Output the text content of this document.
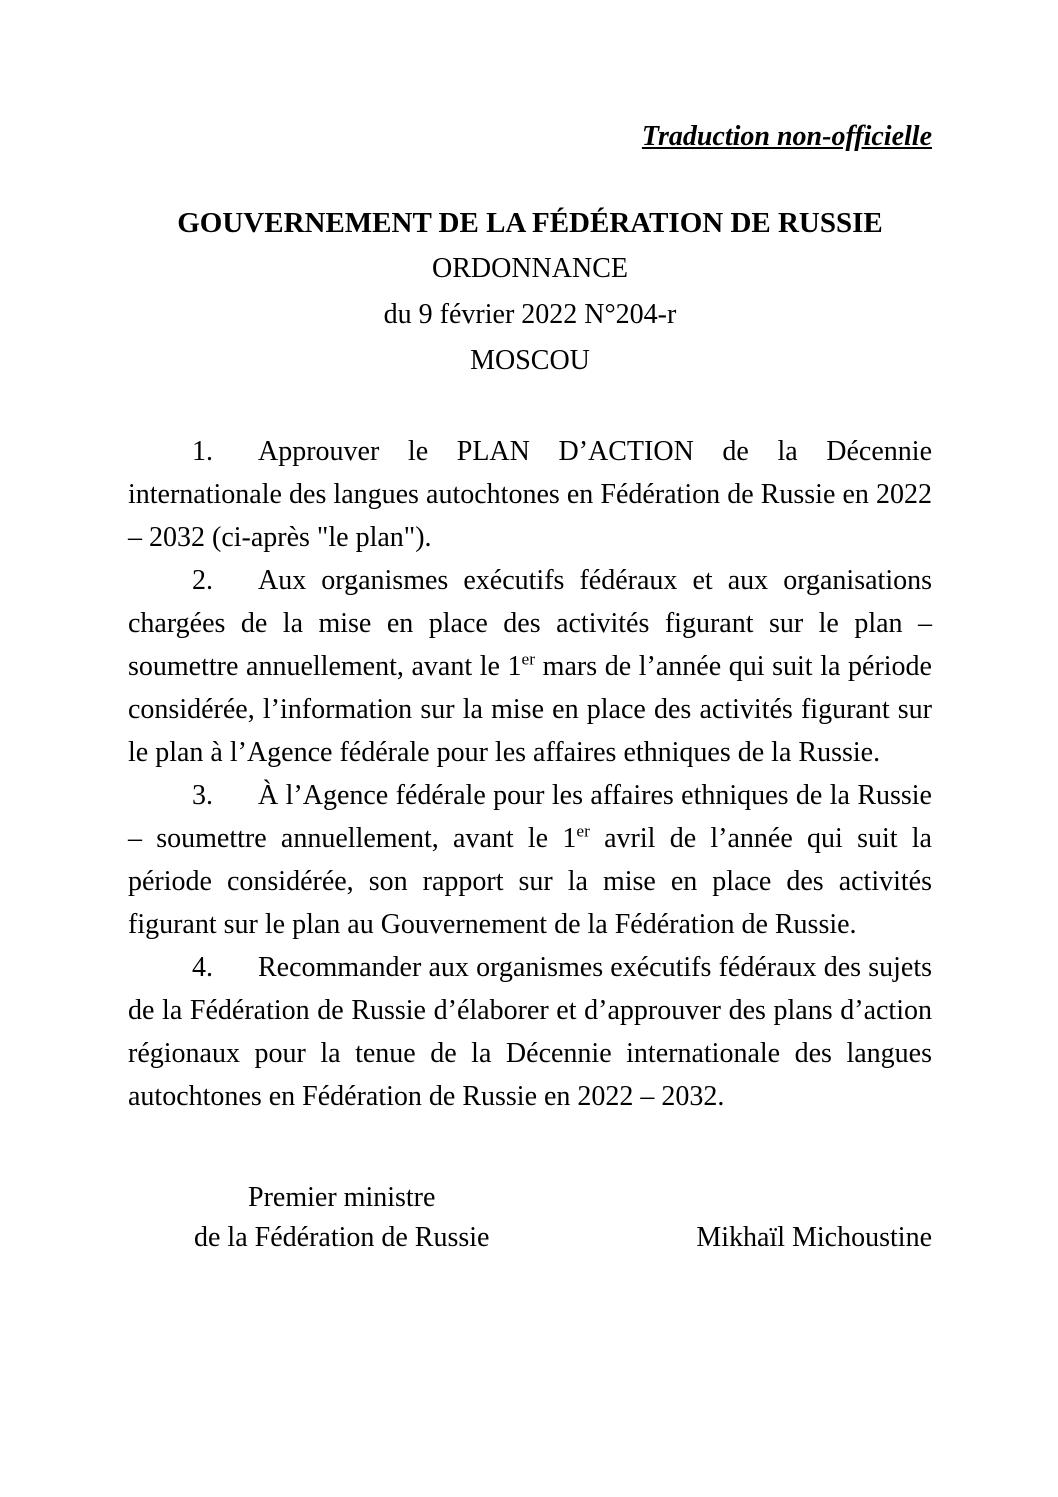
Traduction non-officielle
GOUVERNEMENT DE LA FÉDÉRATION DE RUSSIE
ORDONNANCE
du 9 février 2022 N°204-r
MOSCOU

1. Approuver le PLAN D’ACTION de la Décennie internationale des langues autochtones en Fédération de Russie en 2022 – 2032 (ci-après "le plan").

2. Aux organismes exécutifs fédéraux et aux organisations chargées de la mise en place des activités figurant sur le plan – soumettre annuellement, avant le 1er mars de l’année qui suit la période considérée, l’information sur la mise en place des activités figurant sur le plan à l’Agence fédérale pour les affaires ethniques de la Russie.

3. À l’Agence fédérale pour les affaires ethniques de la Russie – soumettre annuellement, avant le 1er avril de l’année qui suit la période considérée, son rapport sur la mise en place des activités figurant sur le plan au Gouvernement de la Fédération de Russie.

4. Recommander aux organismes exécutifs fédéraux des sujets de la Fédération de Russie d’élaborer et d’approuver des plans d’action régionaux pour la tenue de la Décennie internationale des langues autochtones en Fédération de Russie en 2022 – 2032.

Premier ministre
de la Fédération de Russie	Mikhaïl Michoustine
